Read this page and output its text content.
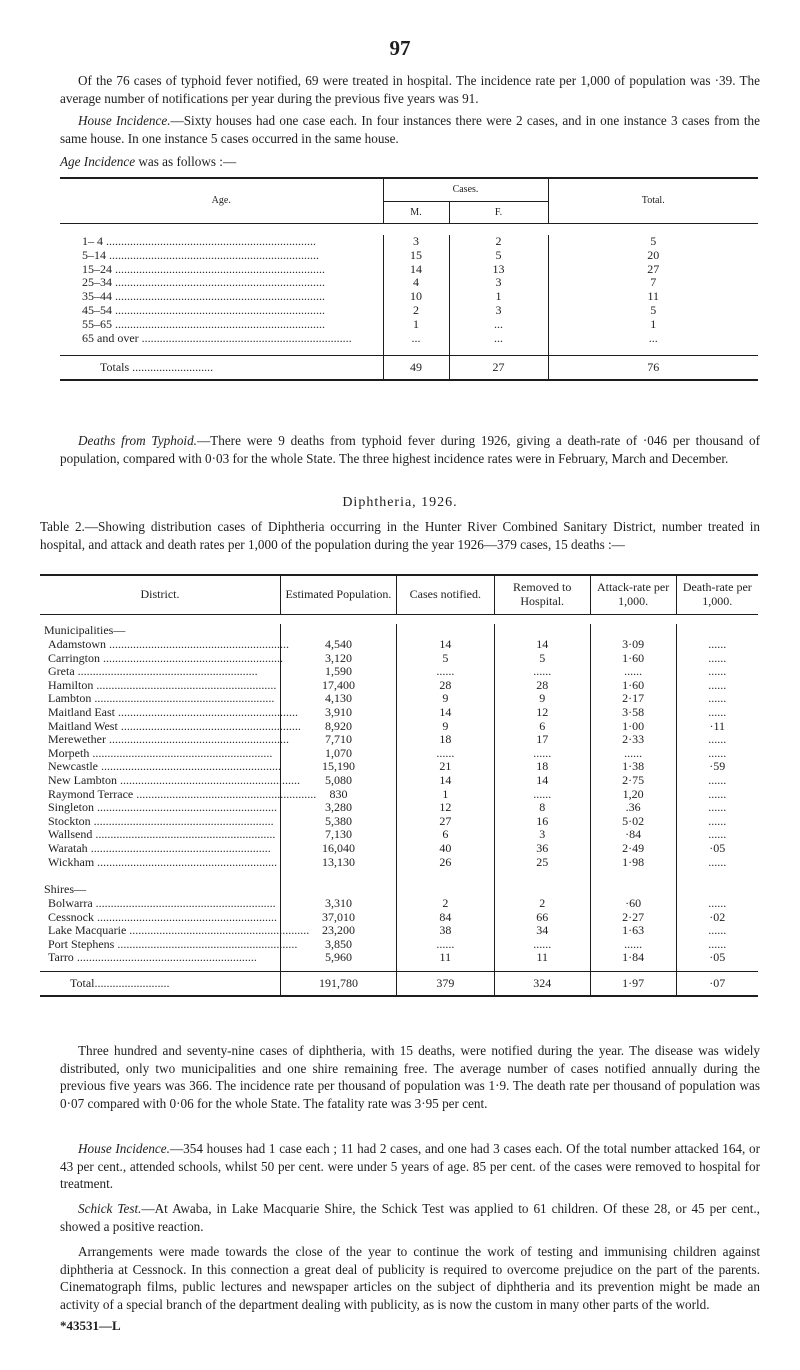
97

Of the 76 cases of typhoid fever notified, 69 were treated in hospital. The incidence rate per 1,000 of population was ·39. The average number of notifications per year during the previous five years was 91.

House Incidence.—Sixty houses had one case each. In four instances there were 2 cases, and in one instance 3 cases from the same house. In one instance 5 cases occurred in the same house.

Age Incidence was as follows :—

Age.	Cases.		Total.
	M.	F.	

1– 4 ......................................................................	3	2	5
5–14 ......................................................................	15	5	20
15–24 ......................................................................	14	13	27
25–34 ......................................................................	4	3	7
35–44 ......................................................................	10	1	11
45–54 ......................................................................	2	3	5
55–65 ......................................................................	1	...	1
65 and over ......................................................................	...	...	...

Totals ...........................	49	27	76

Deaths from Typhoid.—There were 9 deaths from typhoid fever during 1926, giving a death-rate of ·046 per thousand of population, compared with 0·03 for the whole State. The three highest incidence rates were in February, March and December.

Diphtheria, 1926.

Table 2.—Showing distribution cases of Diphtheria occurring in the Hunter River Combined Sanitary District, number treated in hospital, and attack and death rates per 1,000 of the population during the year 1926—379 cases, 15 deaths :—

District.	Estimated Population.	Cases notified.	Removed to Hospital.	Attack-rate per 1,000.	Death-rate per 1,000.

Municipalities—					
Adamstown ............................................................	4,540	14	14	3·09	......
Carrington ............................................................	3,120	5	5	1·60	......
Greta ............................................................	1,590	......	......	......	......
Hamilton ............................................................	17,400	28	28	1·60	......
Lambton ............................................................	4,130	9	9	2·17	......
Maitland East ............................................................	3,910	14	12	3·58	......
Maitland West ............................................................	8,920	9	6	1·00	·11
Merewether ............................................................	7,710	18	17	2·33	......
Morpeth ............................................................	1,070	......	......	......	......
Newcastle ............................................................	15,190	21	18	1·38	·59
New Lambton ............................................................	5,080	14	14	2·75	......
Raymond Terrace ............................................................	830	1	......	1,20	......
Singleton ............................................................	3,280	12	8	.36	......
Stockton ............................................................	5,380	27	16	5·02	......
Wallsend ............................................................	7,130	6	3	·84	......
Waratah ............................................................	16,040	40	36	2·49	·05
Wickham ............................................................	13,130	26	25	1·98	......

Shires—					
Bolwarra ............................................................	3,310	2	2	·60	......
Cessnock ............................................................	37,010	84	66	2·27	·02
Lake Macquarie ............................................................	23,200	38	34	1·63	......
Port Stephens ............................................................	3,850	......	......	......	......
Tarro ............................................................	5,960	11	11	1·84	·05

Total.........................	191,780	379	324	1·97	·07

Three hundred and seventy-nine cases of diphtheria, with 15 deaths, were notified during the year. The disease was widely distributed, only two municipalities and one shire remaining free. The average number of cases notified annually during the previous five years was 366. The incidence rate per thousand of population was 1·9. The death rate per thousand of population was 0·07 compared with 0·06 for the whole State. The fatality rate was 3·95 per cent.

House Incidence.—354 houses had 1 case each ; 11 had 2 cases, and one had 3 cases each. Of the total number attacked 164, or 43 per cent., attended schools, whilst 50 per cent. were under 5 years of age. 85 per cent. of the cases were removed to hospital for treatment.

Schick Test.—At Awaba, in Lake Macquarie Shire, the Schick Test was applied to 61 children. Of these 28, or 45 per cent., showed a positive reaction.

Arrangements were made towards the close of the year to continue the work of testing and immunising children against diphtheria at Cessnock. In this connection a great deal of publicity is required to overcome prejudice on the part of the parents. Cinematograph films, public lectures and newspaper articles on the subject of diphtheria and its prevention might be made an activity of a special branch of the department dealing with publicity, as is now the custom in many other parts of the world.

*43531—L
